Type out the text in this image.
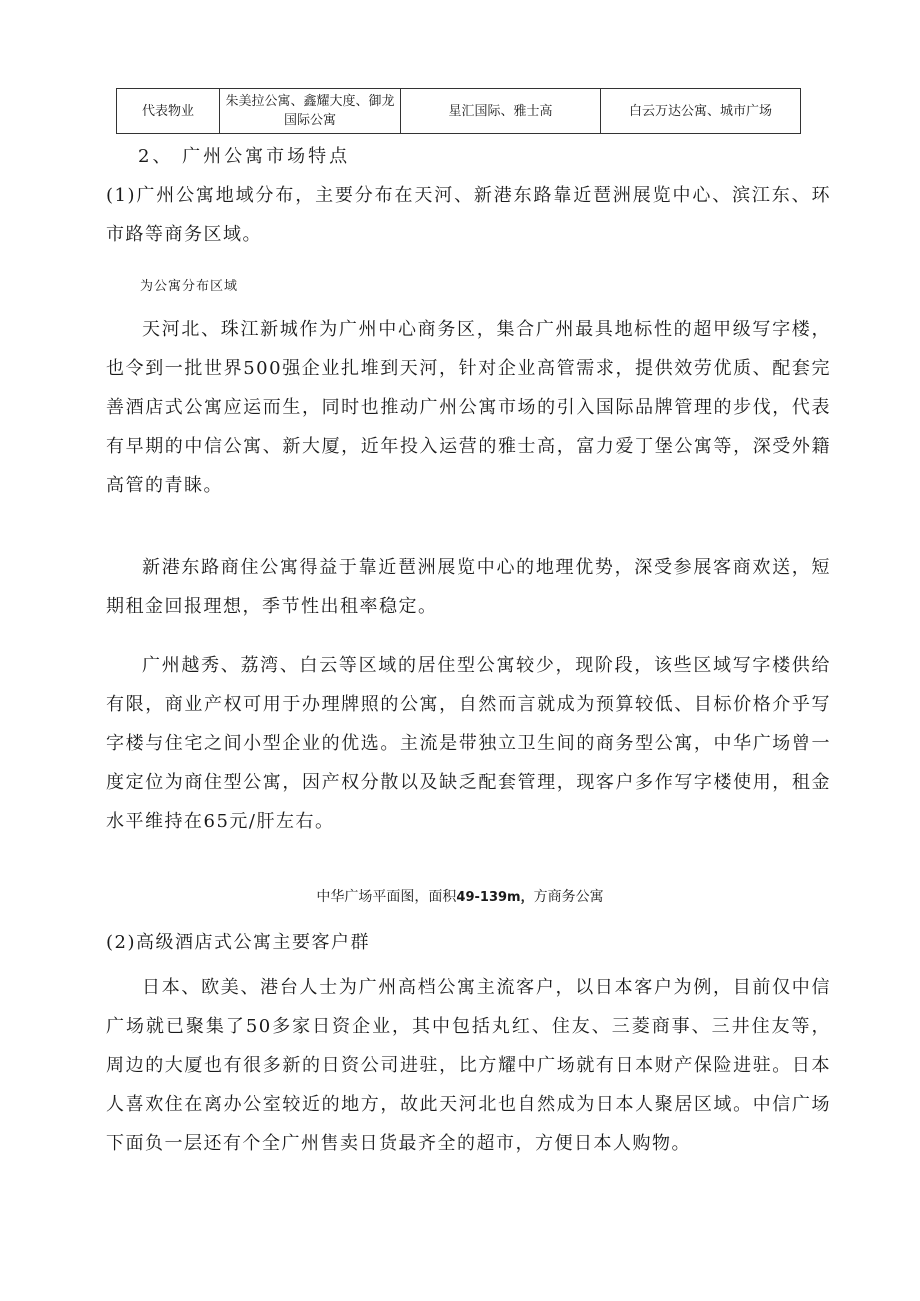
代表物业	朱美拉公寓、鑫耀大度、御龙国际公寓	星汇国际、雅士高	白云万达公寓、城市广场
2、 广州公寓市场特点

(1)广州公寓地域分布，主要分布在天河、新港东路靠近琶洲展览中心、滨江东、环市路等商务区域。

为公寓分布区域

天河北、珠江新城作为广州中心商务区，集合广州最具地标性的超甲级写字楼，也令到一批世界500强企业扎堆到天河，针对企业高管需求，提供效劳优质、配套完善酒店式公寓应运而生，同时也推动广州公寓市场的引入国际品牌管理的步伐，代表有早期的中信公寓、新大厦，近年投入运营的雅士高，富力爱丁堡公寓等，深受外籍高管的青睐。

新港东路商住公寓得益于靠近琶洲展览中心的地理优势，深受参展客商欢送，短期租金回报理想，季节性出租率稳定。

广州越秀、荔湾、白云等区域的居住型公寓较少，现阶段，该些区域写字楼供给有限，商业产权可用于办理牌照的公寓，自然而言就成为预算较低、目标价格介乎写字楼与住宅之间小型企业的优选。主流是带独立卫生间的商务型公寓，中华广场曾一度定位为商住型公寓，因产权分散以及缺乏配套管理，现客户多作写字楼使用，租金水平维持在65元/肝左右。

中华广场平面图，面积49-139m，方商务公寓
(2)高级酒店式公寓主要客户群

日本、欧美、港台人士为广州高档公寓主流客户，以日本客户为例，目前仅中信广场就已聚集了50多家日资企业，其中包括丸红、住友、三菱商事、三井住友等，周边的大厦也有很多新的日资公司进驻，比方耀中广场就有日本财产保险进驻。日本人喜欢住在离办公室较近的地方，故此天河北也自然成为日本人聚居区域。中信广场下面负一层还有个全广州售卖日货最齐全的超市，方便日本人购物。
